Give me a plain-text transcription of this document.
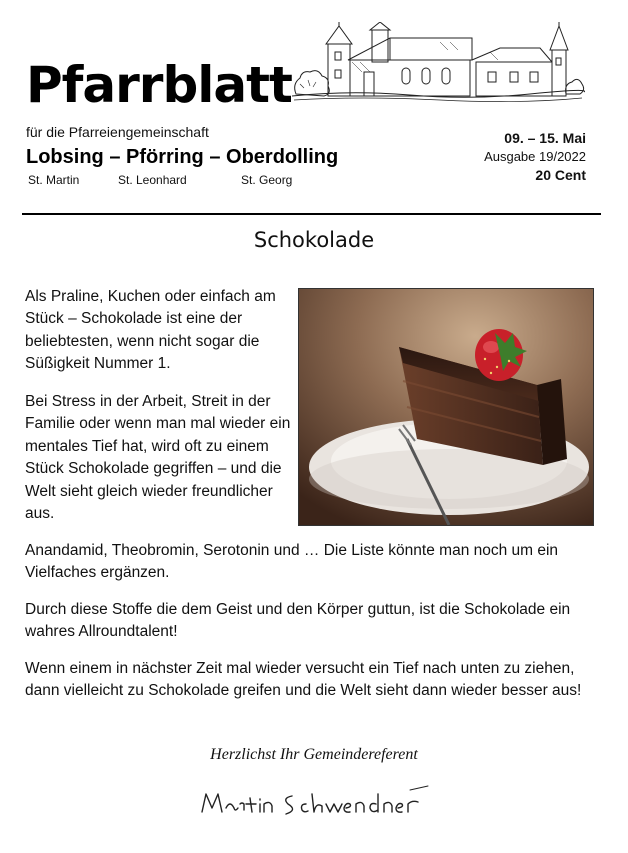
Pfarrblatt
für die Pfarreiengemeinschaft
Lobsing – Pförring – Oberdolling
St. Martin	St. Leonhard	St. Georg
09. – 15. Mai
Ausgabe 19/2022
20 Cent
Schokolade

Als Praline, Kuchen oder einfach am Stück – Schokolade ist eine der beliebtesten, wenn nicht sogar die Süßigkeit Nummer 1.

Bei Stress in der Arbeit, Streit in der Familie oder wenn man mal wieder ein mentales Tief hat, wird oft zu einem Stück Schokolade gegriffen – und die Welt sieht gleich wieder freundlicher aus.

Anandamid, Theobromin, Serotonin und … Die Liste könnte man noch um ein Vielfaches ergänzen.

Durch diese Stoffe die dem Geist und den Körper guttun, ist die Schokolade ein wahres Allroundtalent!

Wenn einem in nächster Zeit mal wieder versucht ein Tief nach unten zu ziehen, dann vielleicht zu Schokolade greifen und die Welt sieht dann wieder besser aus!

Herzlichst Ihr Gemeindereferent
